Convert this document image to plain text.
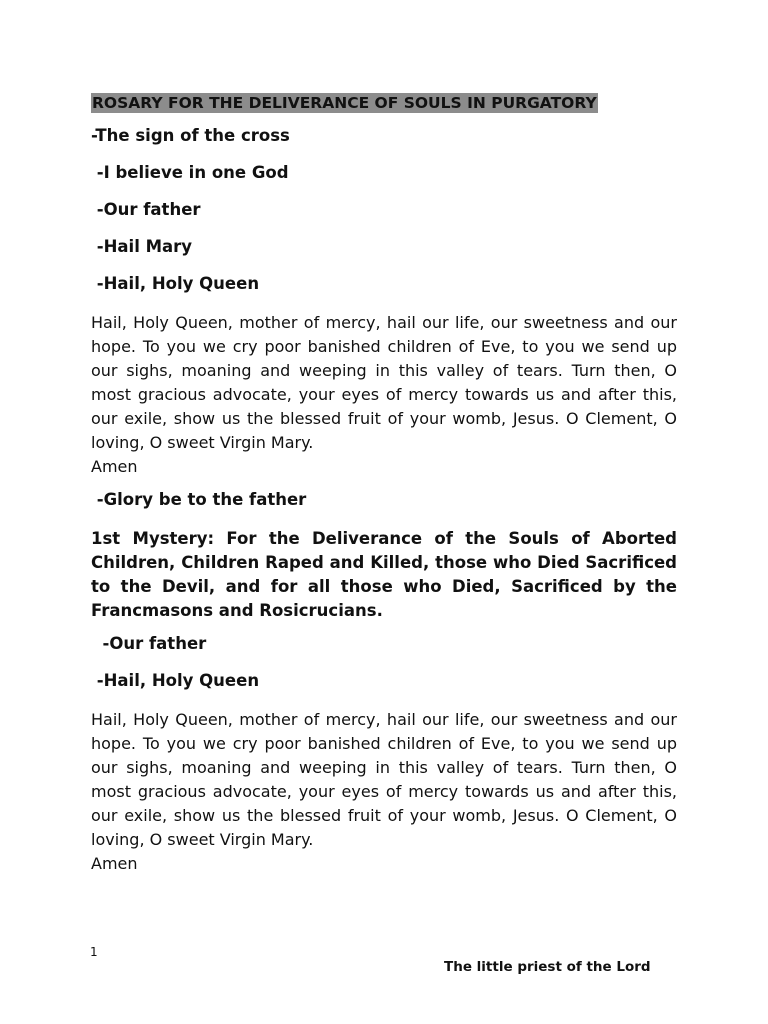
ROSARY FOR THE DELIVERANCE OF SOULS IN PURGATORY
-The sign of the cross
-I believe in one God
-Our father
-Hail Mary
-Hail, Holy Queen
Hail, Holy Queen, mother of mercy, hail our life, our sweetness and our hope. To you we cry poor banished children of Eve, to you we send up our sighs, moaning and weeping in this valley of tears. Turn then, O most gracious advocate, your eyes of mercy towards us and after this, our exile, show us the blessed fruit of your womb, Jesus. O Clement, O loving, O sweet Virgin Mary.
Amen
-Glory be to the father
1st Mystery: For the Deliverance of the Souls of Aborted Children, Children Raped and Killed, those who Died Sacrificed to the Devil, and for all those who Died, Sacrificed by the Francmasons and Rosicrucians.
-Our father
-Hail, Holy Queen
Hail, Holy Queen, mother of mercy, hail our life, our sweetness and our hope. To you we cry poor banished children of Eve, to you we send up our sighs, moaning and weeping in this valley of tears. Turn then, O most gracious advocate, your eyes of mercy towards us and after this, our exile, show us the blessed fruit of your womb, Jesus. O Clement, O loving, O sweet Virgin Mary.
Amen
1
The little priest of the Lord
